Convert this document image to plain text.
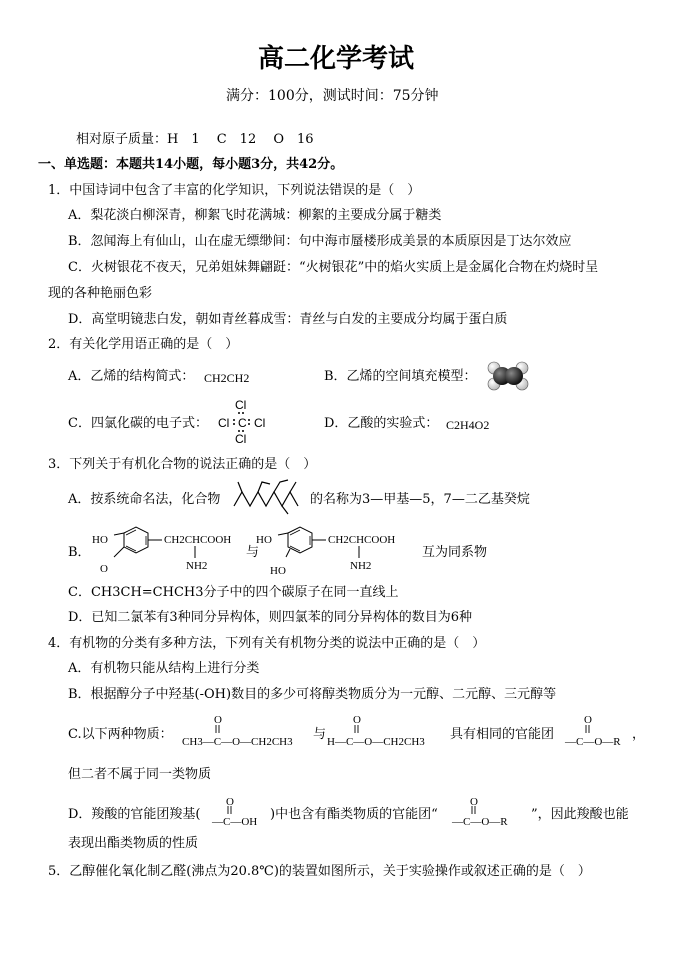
高二化学考试
满分：100分，测试时间：75分钟
相对原子质量：H　1　 C　12　 O　16
一、单选题：本题共14小题，每小题3分，共42分。
1．中国诗词中包含了丰富的化学知识，下列说法错误的是（　）
A．梨花淡白柳深青，柳絮飞时花满城：柳絮的主要成分属于糖类
B．忽闻海上有仙山，山在虚无缥缈间：句中海市蜃楼形成美景的本质原因是丁达尔效应
C．火树银花不夜天，兄弟姐妹舞翩跹：“火树银花”中的焰火实质上是金属化合物在灼烧时呈
现的各种艳丽色彩
D．高堂明镜悲白发，朝如青丝暮成雪：青丝与白发的主要成分均属于蛋白质
2．有关化学用语正确的是（　）
A．乙烯的结构简式： CH2CH2	B．乙烯的空间填充模型：
C．四氯化碳的电子式：
Cl
Cl C Cl
Cl
D．乙酸的实验式： C2H4O2
3．下列关于有机化合物的说法正确的是（　）
A．按系统命名法，化合物	的名称为3—甲基—5，7—二乙基癸烷
B．
HO
O
CH2CHCOOH
NH2
与
HO
HO
CH2CHCOOH
NH2
互为同系物
C．CH3CH=CHCH3分子中的四个碳原子在同一直线上
D．已知二氯苯有3种同分异构体，则四氯苯的同分异构体的数目为6种
4．有机物的分类有多种方法，下列有关有机物分类的说法中正确的是（　）
A．有机物只能从结构上进行分类
B．根据醇分子中羟基(-OH)数目的多少可将醇类物质分为一元醇、二元醇、三元醇等
C.以下两种物质：
O
CH3—C—O—CH2CH3 与
O
H—C—O—CH2CH3 具有相同的官能团
O
—C—O—R ，
但二者不属于同一类物质
D．羧酸的官能团羧基(
O
—C—OH )中也含有酯类物质的官能团“
O
—C—O—R ”，因此羧酸也能
表现出酯类物质的性质
5．乙醇催化氧化制乙醛(沸点为20.8℃)的装置如图所示，关于实验操作或叙述正确的是（　）
